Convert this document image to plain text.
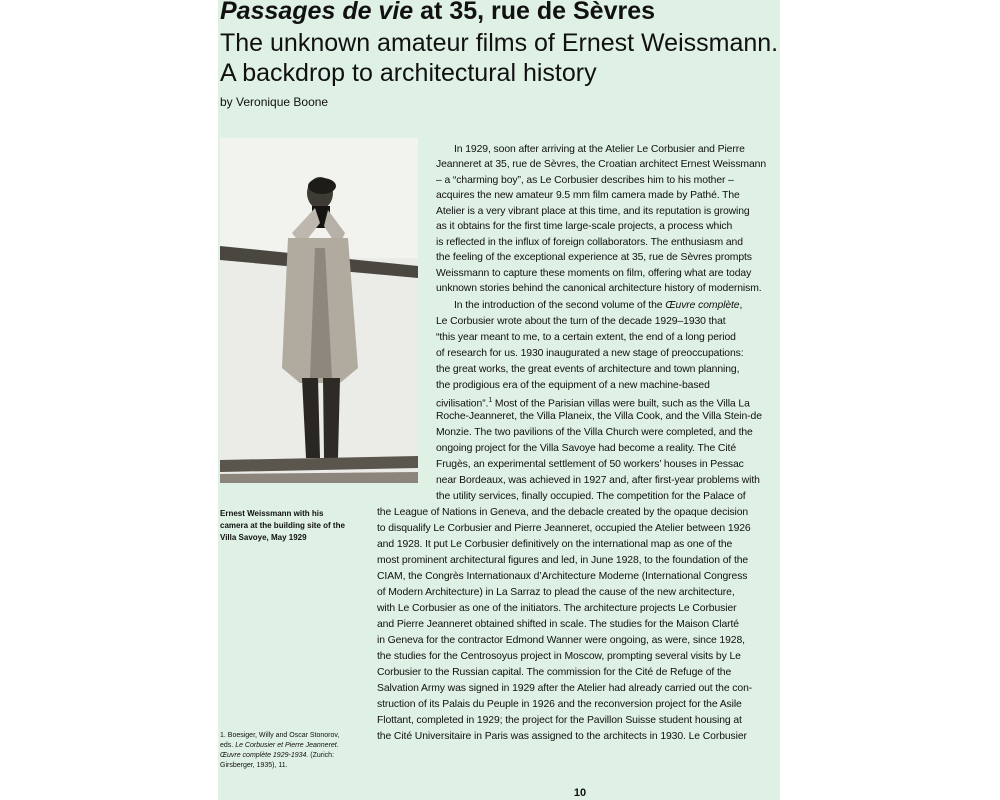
Passages de vie at 35, rue de Sèvres
The unknown amateur films of Ernest Weissmann.
A backdrop to architectural history
by Veronique Boone
Ernest Weissmann with his camera at the building site of the Villa Savoye, May 1929
1. Boesiger, Willy and Oscar Stonorov, eds. Le Corbusier et Pierre Jeanneret. Œuvre complète 1929-1934. (Zurich: Girsberger, 1935), 11.
In 1929, soon after arriving at the Atelier Le Corbusier and Pierre
Jeanneret at 35, rue de Sèvres, the Croatian architect Ernest Weissmann
– a “charming boy”, as Le Corbusier describes him to his mother –
acquires the new amateur 9.5 mm film camera made by Pathé. The
Atelier is a very vibrant place at this time, and its reputation is growing
as it obtains for the first time large-scale projects, a process which
is reflected in the influx of foreign collaborators. The enthusiasm and
the feeling of the exceptional experience at 35, rue de Sèvres prompts
Weissmann to capture these moments on film, offering what are today
unknown stories behind the canonical architecture history of modernism.
In the introduction of the second volume of the Œuvre complète,
Le Corbusier wrote about the turn of the decade 1929–1930 that
“this year meant to me, to a certain extent, the end of a long period
of research for us. 1930 inaugurated a new stage of preoccupations:
the great works, the great events of architecture and town planning,
the prodigious era of the equipment of a new machine-based
civilisation”.$^1$ Most of the Parisian villas were built, such as the Villa La
Roche-Jeanneret, the Villa Planeix, the Villa Cook, and the Villa Stein-de
Monzie. The two pavilions of the Villa Church were completed, and the
ongoing project for the Villa Savoye had become a reality. The Cité
Frugès, an experimental settlement of 50 workers’ houses in Pessac
near Bordeaux, was achieved in 1927 and, after first-year problems with
the utility services, finally occupied. The competition for the Palace of
the League of Nations in Geneva, and the debacle created by the opaque decision
to disqualify Le Corbusier and Pierre Jeanneret, occupied the Atelier between 1926
and 1928. It put Le Corbusier definitively on the international map as one of the
most prominent architectural figures and led, in June 1928, to the foundation of the
CIAM, the Congrès Internationaux d’Architecture Moderne (International Congress
of Modern Architecture) in La Sarraz to plead the cause of the new architecture,
with Le Corbusier as one of the initiators. The architecture projects Le Corbusier
and Pierre Jeanneret obtained shifted in scale. The studies for the Maison Clarté
in Geneva for the contractor Edmond Wanner were ongoing, as were, since 1928,
the studies for the Centrosoyus project in Moscow, prompting several visits by Le
Corbusier to the Russian capital. The commission for the Cité de Refuge of the
Salvation Army was signed in 1929 after the Atelier had already carried out the con-
struction of its Palais du Peuple in 1926 and the reconversion project for the Asile
Flottant, completed in 1929; the project for the Pavillon Suisse student housing at
the Cité Universitaire in Paris was assigned to the architects in 1930. Le Corbusier
10
